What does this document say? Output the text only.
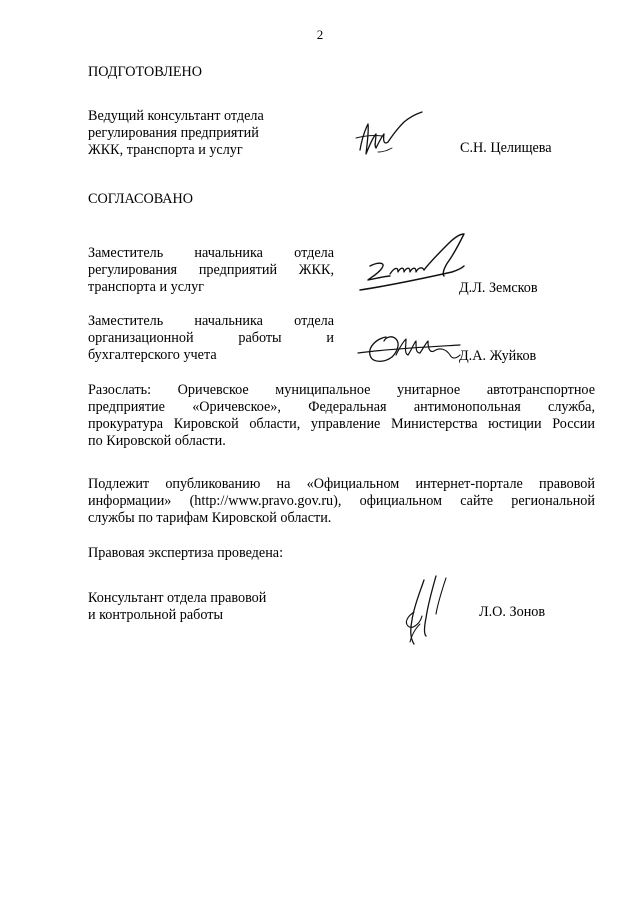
2
ПОДГОТОВЛЕНО
Ведущий консультант отдела
регулирования предприятий
ЖКК, транспорта и услуг	С.Н. Целищева
СОГЛАСОВАНО
Заместитель начальника отдела
регулирования предприятий ЖКК,
транспорта и услуг	Д.Л. Земсков
Заместитель начальника отдела
организационной работы и
бухгалтерского учета	Д.А. Жуйков
Разослать: Оричевское муниципальное унитарное автотранспортное
предприятие «Оричевское», Федеральная антимонопольная служба,
прокуратура Кировской области, управление Министерства юстиции России
по Кировской области.
Подлежит опубликованию на «Официальном интернет-портале правовой
информации» (http://www.pravo.gov.ru), официальном сайте региональной
службы по тарифам Кировской области.
Правовая экспертиза проведена:
Консультант отдела правовой
и контрольной работы	Л.О. Зонов
